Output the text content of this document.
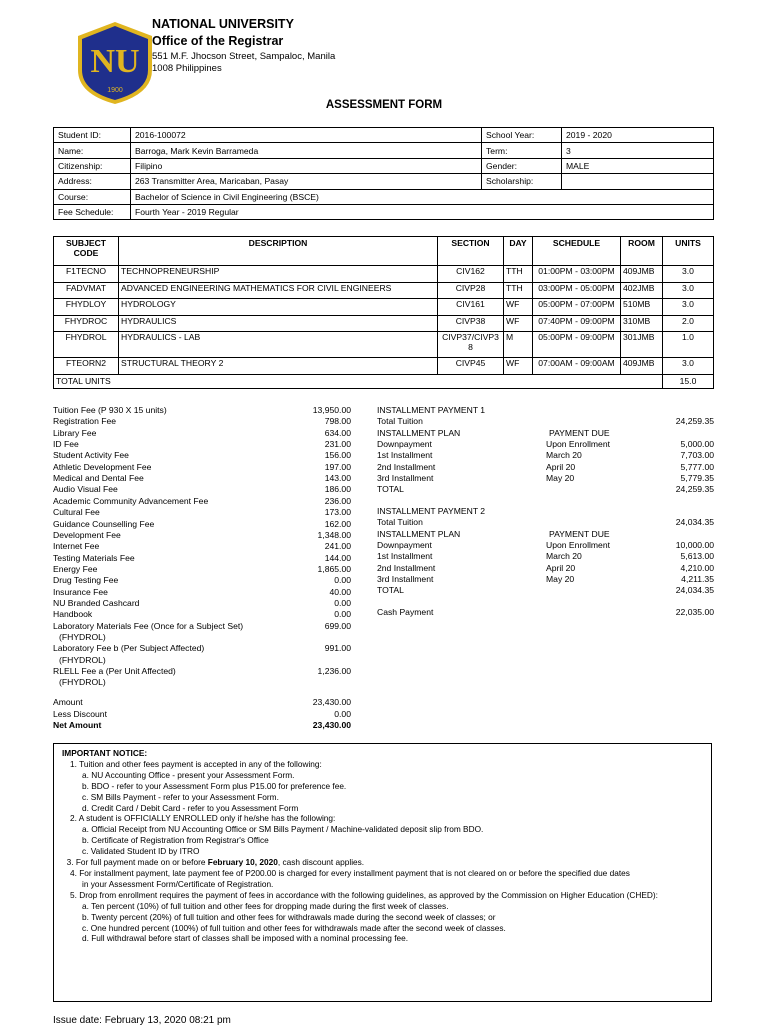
NU
1900
NATIONAL UNIVERSITY
Office of the Registrar
551 M.F. Jhocson Street, Sampaloc, Manila
1008 Philippines
ASSESSMENT FORM
Student ID:	2016-100072	School Year:	2019 - 2020
Name:	Barroga, Mark Kevin Barrameda	Term:	3
Citizenship:	Filipino	Gender:	MALE
Address:	263 Transmitter Area, Maricaban, Pasay	Scholarship:	
Course:	Bachelor of Science in Civil Engineering (BSCE)		
Fee Schedule:	Fourth Year - 2019 Regular		
SUBJECT CODE	DESCRIPTION	SECTION	DAY	SCHEDULE	ROOM	UNITS
F1TECNO	TECHNOPRENEURSHIP	CIV162	TTH	01:00PM - 03:00PM	409JMB	3.0
FADVMAT	ADVANCED ENGINEERING MATHEMATICS FOR CIVIL ENGINEERS	CIVP28	TTH	03:00PM - 05:00PM	402JMB	3.0
FHYDLOY	HYDROLOGY	CIV161	WF	05:00PM - 07:00PM	510MB	3.0
FHYDROC	HYDRAULICS	CIVP38	WF	07:40PM - 09:00PM	310MB	2.0
FHYDROL	HYDRAULICS - LAB	CIVP37/CIVP38	M	05:00PM - 09:00PM	301JMB	1.0
FTEORN2	STRUCTURAL THEORY 2	CIVP45	WF	07:00AM - 09:00AM	409JMB	3.0
TOTAL UNITS						15.0
Tuition Fee (P 930 X 15 units)	13,950.00
Registration Fee	798.00
Library Fee	634.00
ID Fee	231.00
Student Activity Fee	156.00
Athletic Development Fee	197.00
Medical and Dental Fee	143.00
Audio Visual Fee	186.00
Academic Community Advancement Fee	236.00
Cultural Fee	173.00
Guidance Counselling Fee	162.00
Development Fee	1,348.00
Internet Fee	241.00
Testing Materials Fee	144.00
Energy Fee	1,865.00
Drug Testing Fee	0.00
Insurance Fee	40.00
NU Branded Cashcard	0.00
Handbook	0.00
Laboratory Materials Fee (Once for a Subject Set)	699.00
(FHYDROL)
Laboratory Fee b (Per Subject Affected)	991.00
(FHYDROL)
RLELL Fee a (Per Unit Affected)	1,236.00
(FHYDROL)
Amount	23,430.00
Less Discount	0.00
Net Amount	23,430.00
INSTALLMENT PAYMENT 1
Total Tuition	24,259.35
INSTALLMENT PLAN	PAYMENT DUE
Downpayment	Upon Enrollment	5,000.00
1st Installment	March 20	7,703.00
2nd Installment	April 20	5,777.00
3rd Installment	May 20	5,779.35
TOTAL	24,259.35
INSTALLMENT PAYMENT 2
Total Tuition	24,034.35
INSTALLMENT PLAN	PAYMENT DUE
Downpayment	Upon Enrollment	10,000.00
1st Installment	March 20	5,613.00
2nd Installment	April 20	4,210.00
3rd Installment	May 20	4,211.35
TOTAL	24,034.35
Cash Payment	22,035.00
IMPORTANT NOTICE:
1. Tuition and other fees payment is accepted in any of the following:
a. NU Accounting Office - present your Assessment Form.
b. BDO - refer to your Assessment Form plus P15.00 for preference fee.
c. SM Bills Payment - refer to your Assessment Form.
d. Credit Card / Debit Card - refer to you Assessment Form
2. A student is OFFICIALLY ENROLLED only if he/she has the following:
a. Official Receipt from NU Accounting Office or SM Bills Payment / Machine-validated deposit slip from BDO.
b. Certificate of Registration from Registrar's Office
c. Validated Student ID by ITRO
3. For full payment made on or before February 10, 2020, cash discount applies.
4. For installment payment, late payment fee of P200.00 is charged for every installment payment that is not cleared on or before the specified due dates
in your Assessment Form/Certificate of Registration.
5. Drop from enrollment requires the payment of fees in accordance with the following guidelines, as approved by the Commission on Higher Education (CHED):
a. Ten percent (10%) of full tuition and other fees for dropping made during the first week of classes.
b. Twenty percent (20%) of full tuition and other fees for withdrawals made during the second week of classes; or
c. One hundred percent (100%) of full tuition and other fees for withdrawals made after the second week of classes.
d. Full withdrawal before start of classes shall be imposed with a nominal processing fee.
Issue date: February 13, 2020 08:21 pm
